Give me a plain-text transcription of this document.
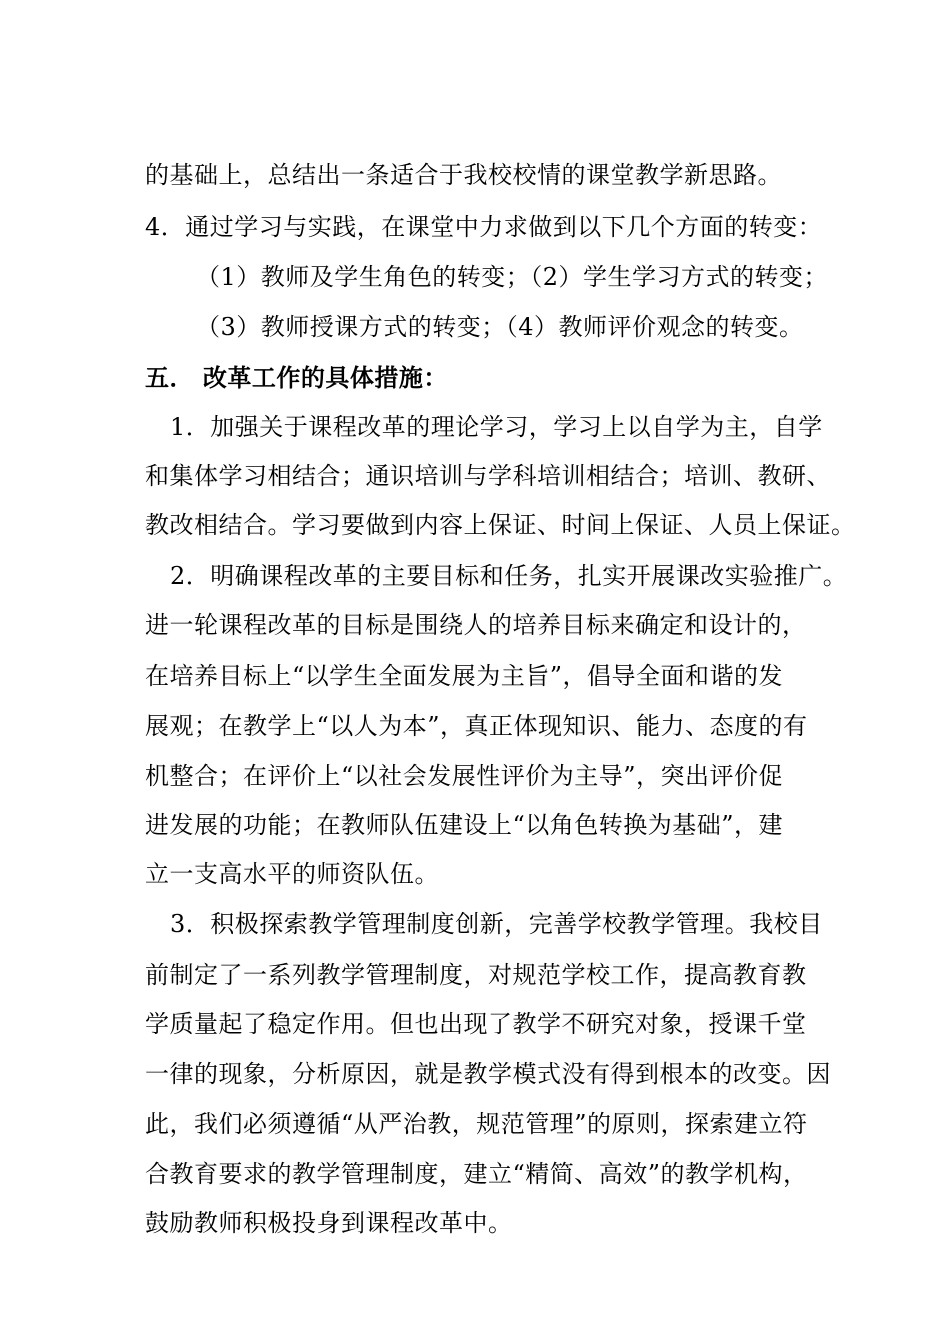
的基础上，总结出一条适合于我校校情的课堂教学新思路。
4．通过学习与实践，在课堂中力求做到以下几个方面的转变：
（1）教师及学生角色的转变；（2）学生学习方式的转变；
（3）教师授课方式的转变；（4）教师评价观念的转变。
五． 改革工作的具体措施：
1．加强关于课程改革的理论学习，学习上以自学为主，自学
和集体学习相结合；通识培训与学科培训相结合；培训、教研、
教改相结合。学习要做到内容上保证、时间上保证、人员上保证。
2．明确课程改革的主要目标和任务，扎实开展课改实验推广。
进一轮课程改革的目标是围绕人的培养目标来确定和设计的，
在培养目标上“以学生全面发展为主旨”，倡导全面和谐的发
展观；在教学上“以人为本”，真正体现知识、能力、态度的有
机整合；在评价上“以社会发展性评价为主导”，突出评价促
进发展的功能；在教师队伍建设上“以角色转换为基础”，建
立一支高水平的师资队伍。
3．积极探索教学管理制度创新，完善学校教学管理。我校目
前制定了一系列教学管理制度，对规范学校工作，提高教育教
学质量起了稳定作用。但也出现了教学不研究对象，授课千堂
一律的现象，分析原因，就是教学模式没有得到根本的改变。因
此，我们必须遵循“从严治教，规范管理”的原则，探索建立符
合教育要求的教学管理制度，建立“精简、高效”的教学机构，
鼓励教师积极投身到课程改革中。
